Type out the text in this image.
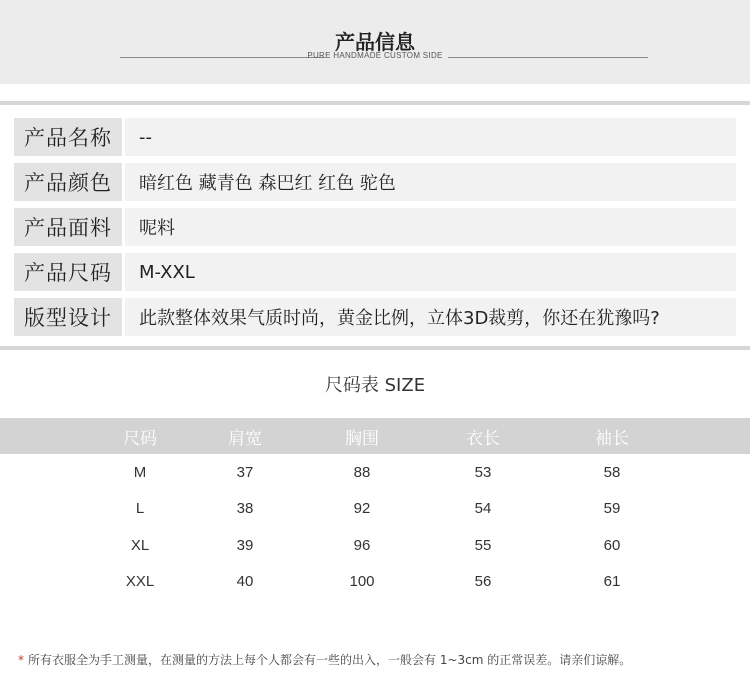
产品信息
PURE HANDMADE CUSTOM SIDE
产品名称	--
产品颜色	暗红色 藏青色 森巴红 红色 驼色
产品面料	呢料
产品尺码	M-XXL
版型设计	此款整体效果气质时尚，黄金比例，立体3D裁剪，你还在犹豫吗?
尺码表 SIZE
尺码	肩宽	胸围	衣长	袖长
M	37	88	53	58
L	38	92	54	59
XL	39	96	55	60
XXL	40	100	56	61
* 所有衣服全为手工测量，在测量的方法上每个人都会有一些的出入，一般会有 1~3cm 的正常误差。请亲们谅解。
